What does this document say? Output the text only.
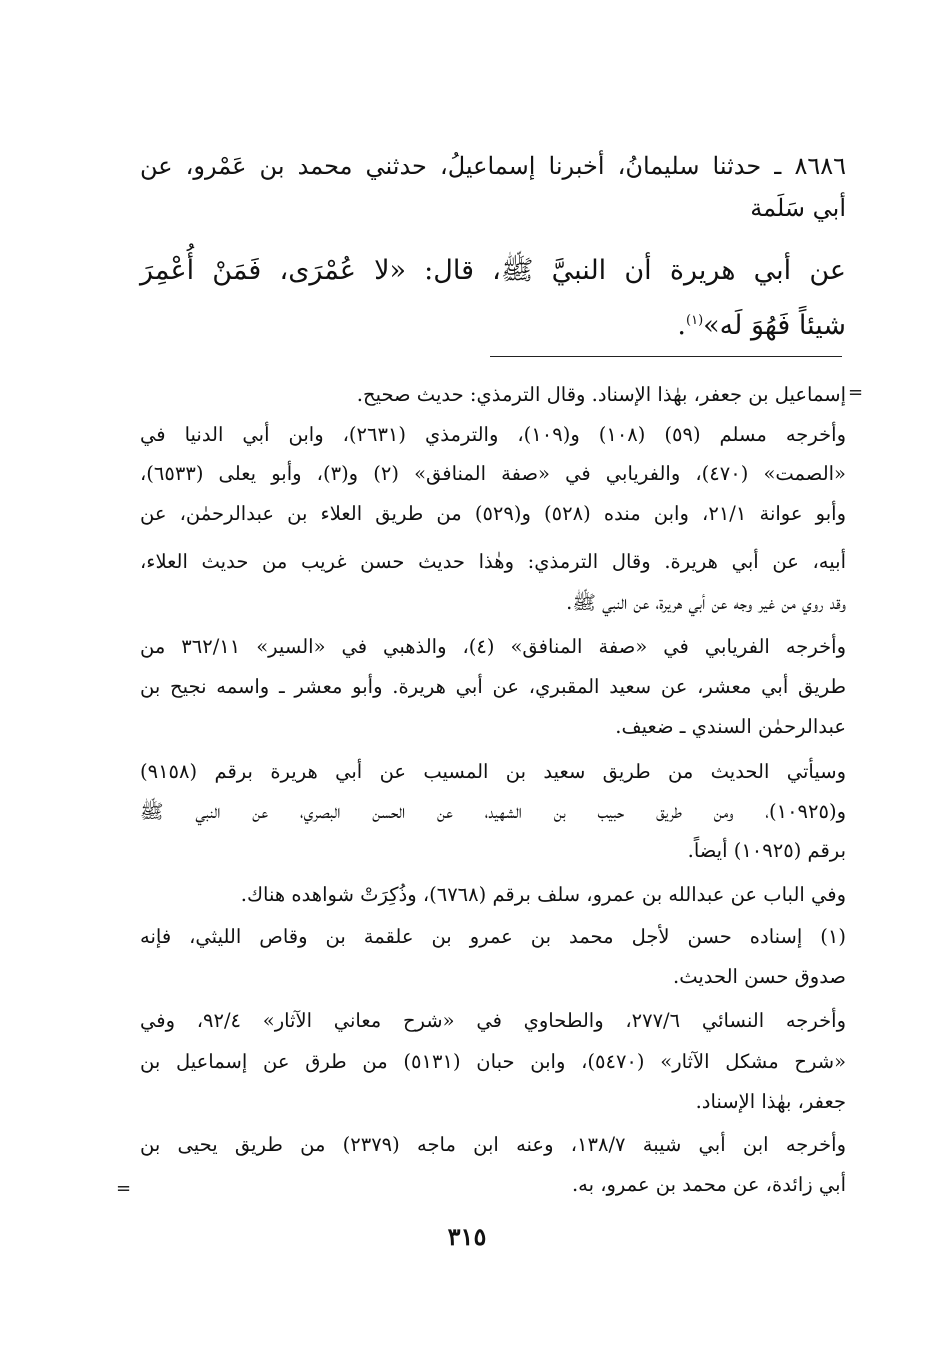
٨٦٨٦ ـ حدثنا سليمانُ، أخبرنا إسماعيلُ، حدثني محمد بن عَمْرو، عن
أبي سَلَمة
عن أبي هريرة أن النبيَّ ﷺ، قال: «لا عُمْرَى، فَمَنْ أُعْمِرَ
شيئاً فَهُوَ لَه»$^{(١)}$.
=
إسماعيل بن جعفر، بهٰذا الإسناد. وقال الترمذي: حديث صحيح.
وأخرجه مسلم (٥٩) (١٠٨) و(١٠٩)، والترمذي (٢٦٣١)، وابن أبي الدنيا في
«الصمت» (٤٧٠)، والفريابي في «صفة المنافق» (٢) و(٣)، وأبو يعلى (٦٥٣٣)،
وأبو عوانة ٢١/١، وابن منده (٥٢٨) و(٥٢٩) من طريق العلاء بن عبدالرحمٰن، عن
أبيه، عن أبي هريرة. وقال الترمذي: وهٰذا حديث حسن غريب من حديث العلاء،
وقد روي من غير وجه عن أبي هريرة، عن النبي ﷺ.
وأخرجه الفريابي في «صفة المنافق» (٤)، والذهبي في «السير» ٣٦٢/١١ من
طريق أبي معشر، عن سعيد المقبري، عن أبي هريرة. وأبو معشر ـ واسمه نجيح بن
عبدالرحمٰن السندي ـ ضعيف.
وسيأتي الحديث من طريق سعيد بن المسيب عن أبي هريرة برقم (٩١٥٨)
و(١٠٩٢٥)، ومن طريق حبيب بن الشهيد، عن الحسن البصري، عن النبي ﷺ
برقم (١٠٩٢٥) أيضاً.
وفي الباب عن عبدالله بن عمرو، سلف برقم (٦٧٦٨)، وذُكِرَتْ شواهده هناك.
(١) إسناده حسن لأجل محمد بن عمرو بن علقمة بن وقاص الليثي، فإنه
صدوق حسن الحديث.
وأخرجه النسائي ٢٧٧/٦، والطحاوي في «شرح معاني الآثار» ٩٢/٤، وفي
«شرح مشكل الآثار» (٥٤٧٠)، وابن حبان (٥١٣١) من طرق عن إسماعيل بن
جعفر، بهٰذا الإسناد.
وأخرجه ابن أبي شيبة ١٣٨/٧، وعنه ابن ماجه (٢٣٧٩) من طريق يحيى بن
أبي زائدة، عن محمد بن عمرو، به.
=
٣١٥
